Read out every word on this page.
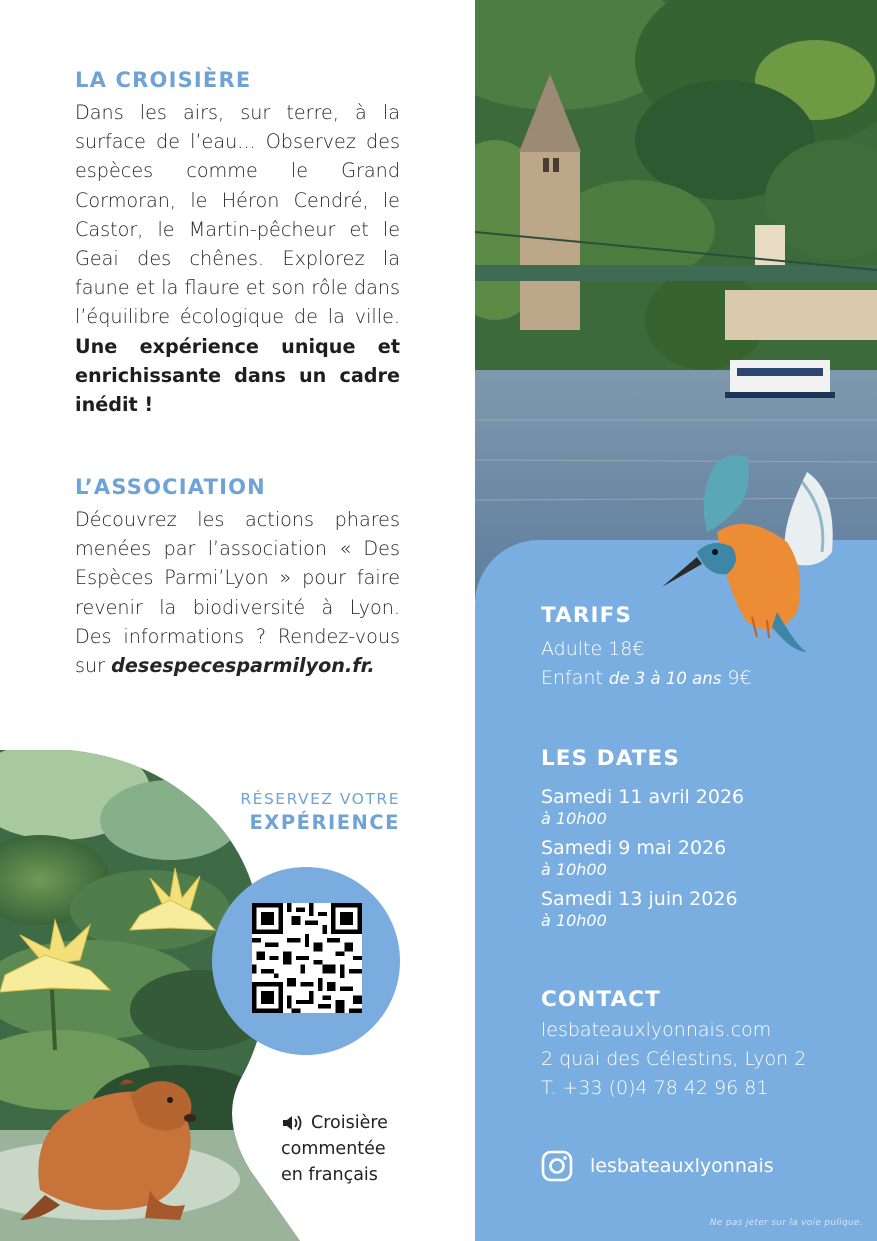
LA CROISIÈRE

Dans les airs, sur terre, à la surface de l’eau... Observez des espèces comme le Grand Cormoran, le Héron Cendré, le Castor, le Martin-pêcheur et le Geai des chênes. Explorez la faune et la flaure et son rôle dans l’équilibre écologique de la ville. Une expérience unique et enrichissante dans un cadre inédit !

L’ASSOCIATION

Découvrez les actions phares menées par l’association « Des Espèces Parmi’Lyon » pour faire revenir la biodiversité à Lyon. Des informations ? Rendez-vous sur desespecesparmilyon.fr.

RÉSERVEZ VOTRE
EXPÉRIENCE
Croisière
commentée
en français
TARIFS
Adulte 18€
Enfant de 3 à 10 ans 9€
LES DATES
Samedi 11 avril 2026
à 10h00
Samedi 9 mai 2026
à 10h00
Samedi 13 juin 2026
à 10h00
CONTACT
lesbateauxlyonnais.com
2 quai des Célestins, Lyon 2
T. +33 (0)4 78 42 96 81
lesbateauxlyonnais
Ne pas jeter sur la voie pulique.
